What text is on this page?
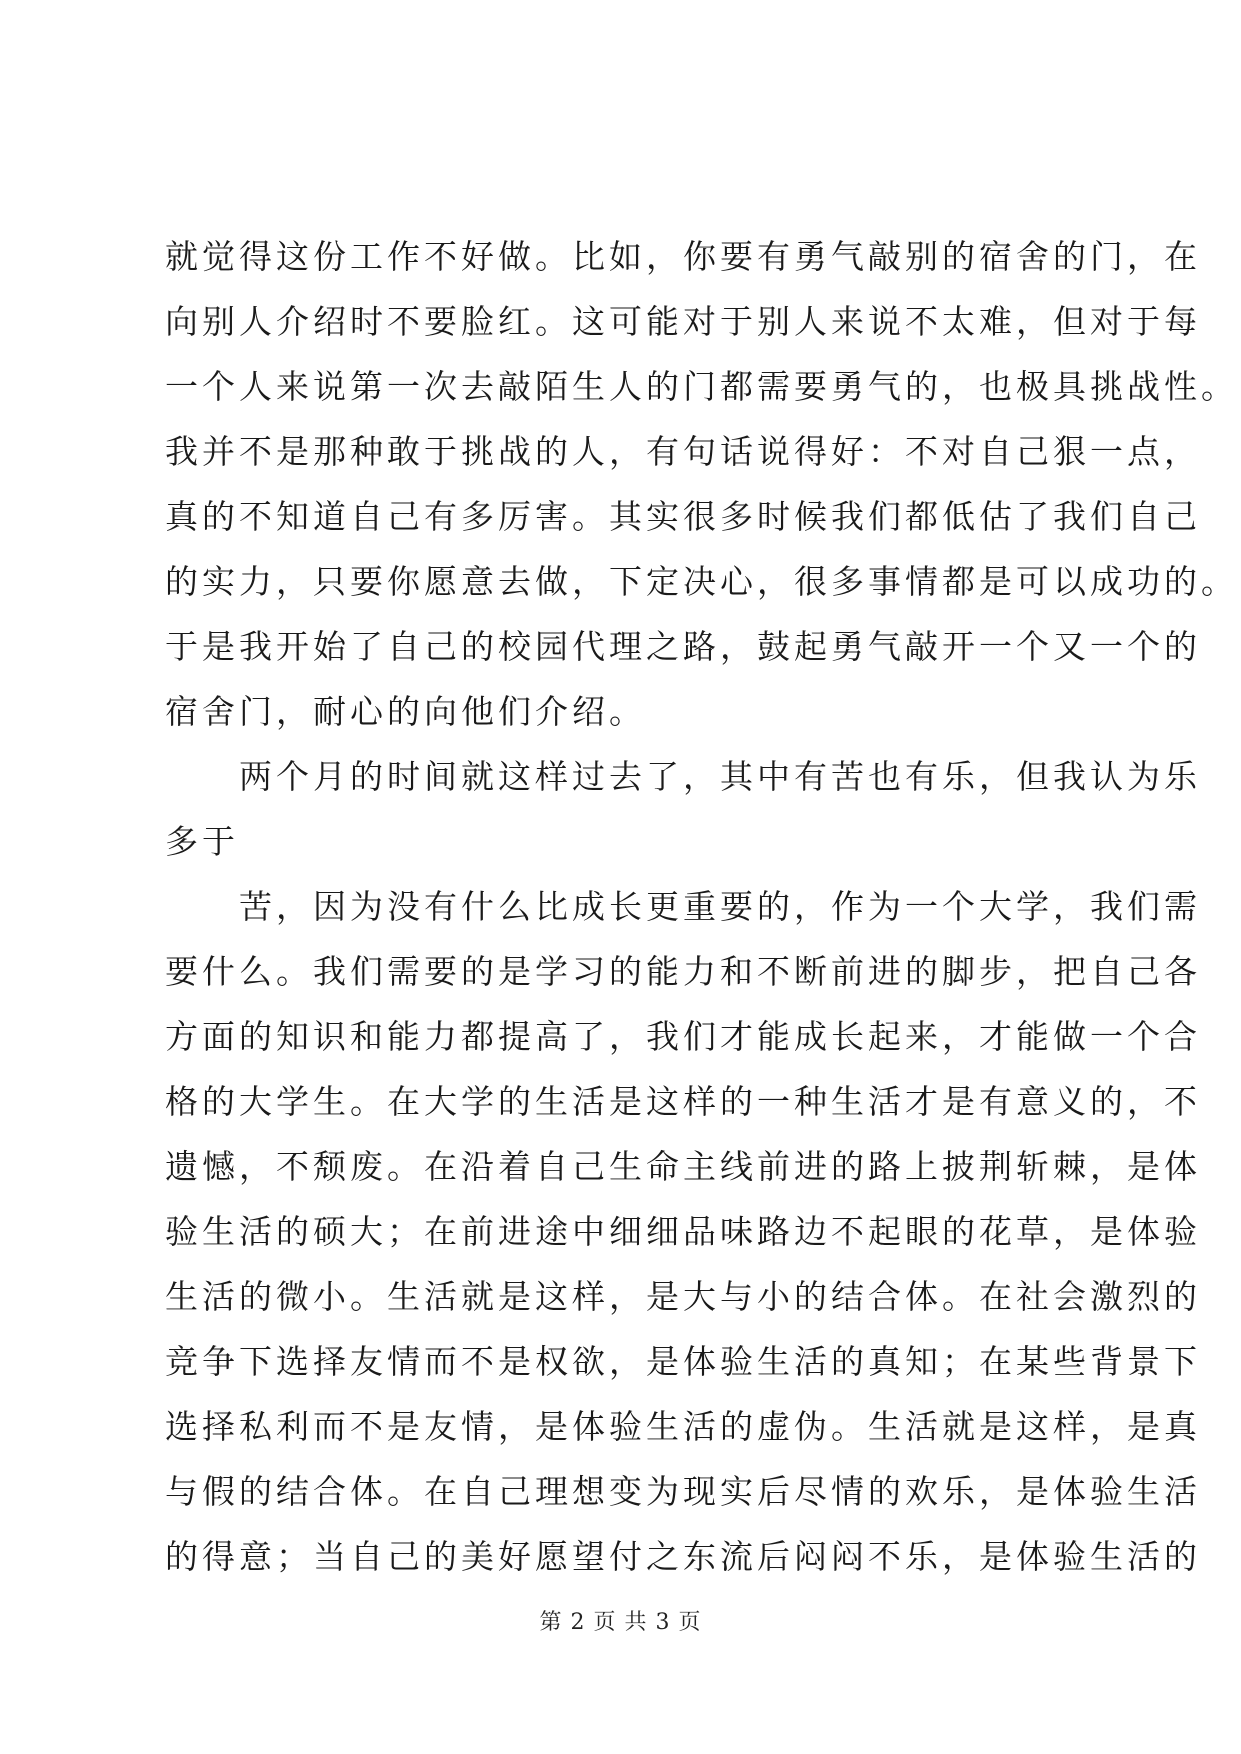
就觉得这份工作不好做。比如，你要有勇气敲别的宿舍的门，在
向别人介绍时不要脸红。这可能对于别人来说不太难，但对于每
一个人来说第一次去敲陌生人的门都需要勇气的，也极具挑战性。
我并不是那种敢于挑战的人，有句话说得好：不对自己狠一点，
真的不知道自己有多厉害。其实很多时候我们都低估了我们自己
的实力，只要你愿意去做，下定决心，很多事情都是可以成功的。
于是我开始了自己的校园代理之路，鼓起勇气敲开一个又一个的
宿舍门，耐心的向他们介绍。
　　两个月的时间就这样过去了，其中有苦也有乐，但我认为乐
多于
　　苦，因为没有什么比成长更重要的，作为一个大学，我们需
要什么。我们需要的是学习的能力和不断前进的脚步，把自己各
方面的知识和能力都提高了，我们才能成长起来，才能做一个合
格的大学生。在大学的生活是这样的一种生活才是有意义的，不
遗憾，不颓废。在沿着自己生命主线前进的路上披荆斩棘，是体
验生活的硕大；在前进途中细细品味路边不起眼的花草，是体验
生活的微小。生活就是这样，是大与小的结合体。在社会激烈的
竞争下选择友情而不是权欲，是体验生活的真知；在某些背景下
选择私利而不是友情，是体验生活的虚伪。生活就是这样，是真
与假的结合体。在自己理想变为现实后尽情的欢乐，是体验生活
的得意；当自己的美好愿望付之东流后闷闷不乐，是体验生活的
第 2 页 共 3 页
